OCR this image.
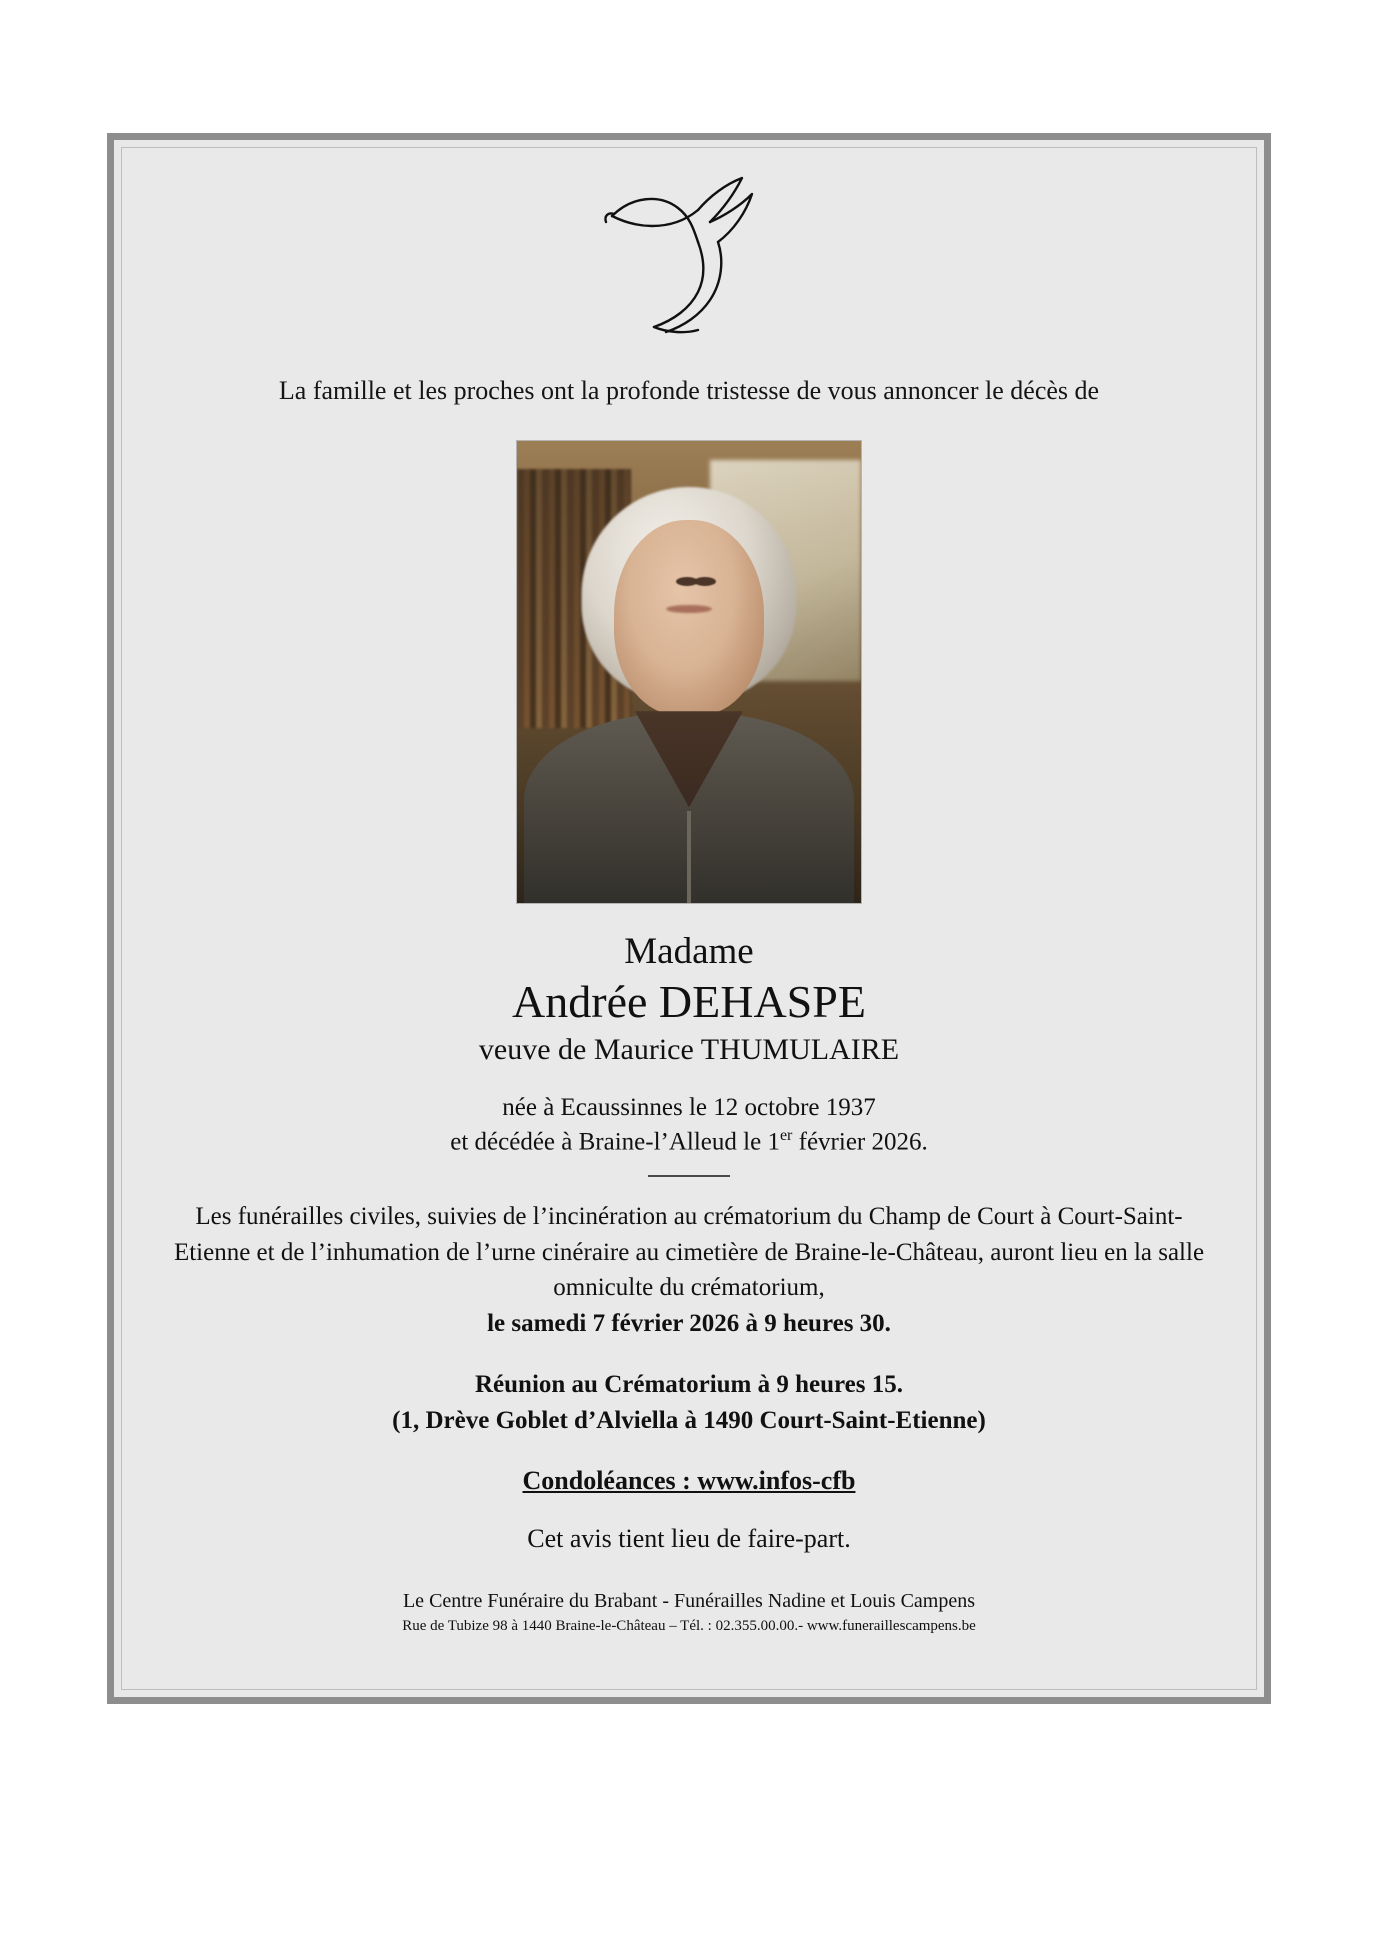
La famille et les proches ont la profonde tristesse de vous annoncer le décès de
Madame
Andrée DEHASPE
veuve de Maurice THUMULAIRE
née à Ecaussinnes le 12 octobre 1937
et décédée à Braine-l’Alleud le 1er février 2026.
Les funérailles civiles, suivies de l’incinération au crématorium du Champ de Court à Court-Saint-Etienne et de l’inhumation de l’urne cinéraire au cimetière de Braine-le-Château, auront lieu en la salle omniculte du crématorium,
le samedi 7 février 2026 à 9 heures 30.
Réunion au Crématorium à 9 heures 15.
(1, Drève Goblet d’Alviella à 1490 Court-Saint-Etienne)
Condoléances : www.infos-cfb
Cet avis tient lieu de faire-part.
Le Centre Funéraire du Brabant - Funérailles Nadine et Louis Campens
Rue de Tubize 98 à 1440 Braine-le-Château – Tél. : 02.355.00.00.- www.funeraillescampens.be
